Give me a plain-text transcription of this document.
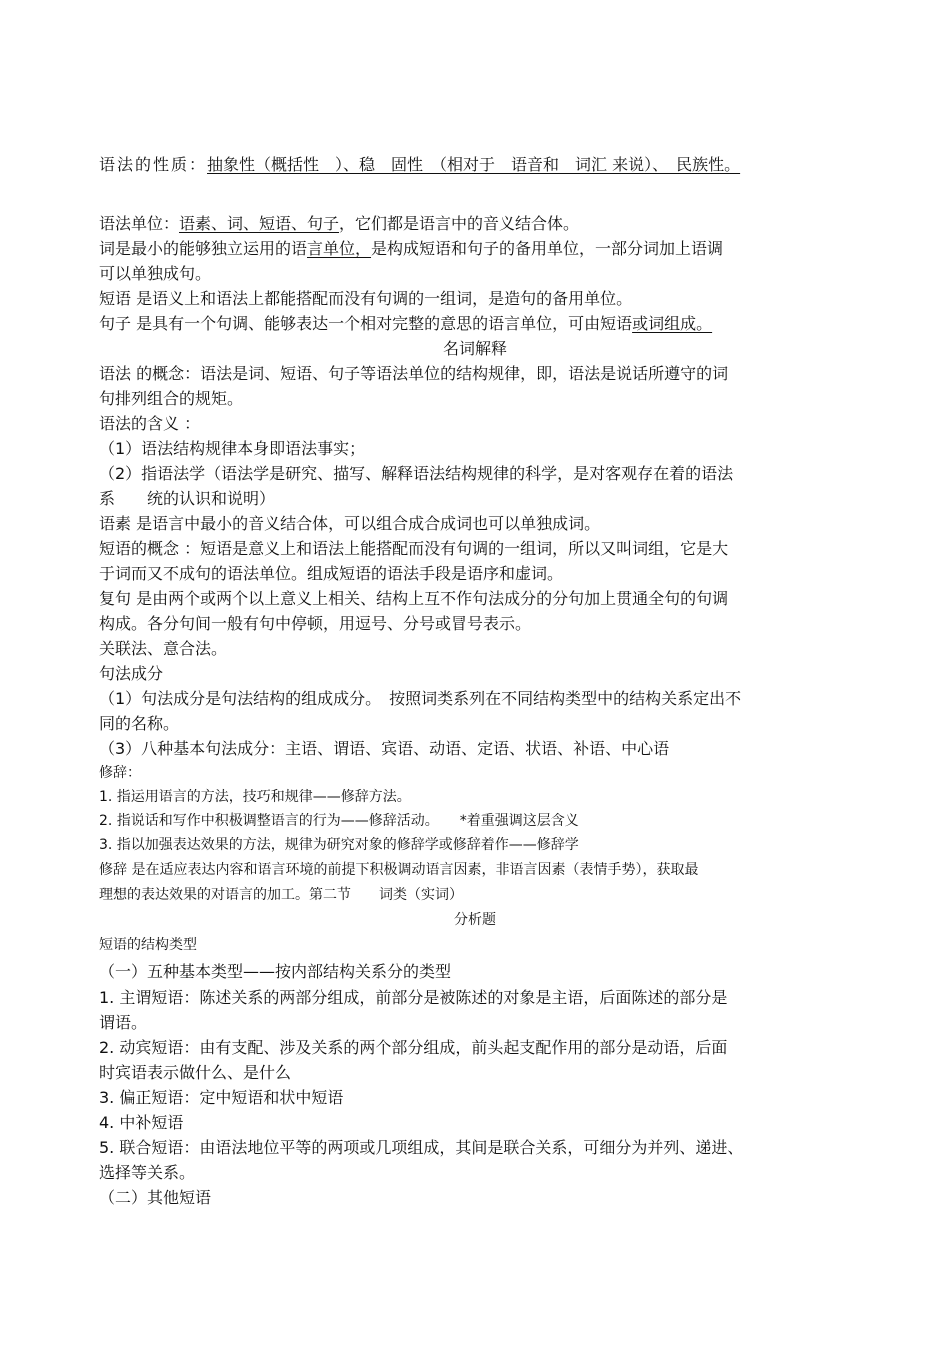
语法的性质：抽象性（概括性　）、稳　固性　（相对于　语音和　词汇 来说）、　民族性。
语法单位：语素、词、短语、句子，它们都是语言中的音义结合体。
词是最小的能够独立运用的语言单位，是构成短语和句子的备用单位，一部分词加上语调
可以单独成句。
短语 是语义上和语法上都能搭配而没有句调的一组词，是造句的备用单位。
句子 是具有一个句调、能够表达一个相对完整的意思的语言单位，可由短语或词组成。
名词解释
语法 的概念：语法是词、短语、句子等语法单位的结构规律，即，语法是说话所遵守的词
句排列组合的规矩。
语法的含义 ：
（1）语法结构规律本身即语法事实；
（2）指语法学（语法学是研究、描写、解释语法结构规律的科学，是对客观存在着的语法
系　　统的认识和说明）
语素 是语言中最小的音义结合体，可以组合成合成词也可以单独成词。
短语的概念 ：短语是意义上和语法上能搭配而没有句调的一组词，所以又叫词组，它是大
于词而又不成句的语法单位。组成短语的语法手段是语序和虚词。
复句 是由两个或两个以上意义上相关、结构上互不作句法成分的分句加上贯通全句的句调
构成。各分句间一般有句中停顿，用逗号、分号或冒号表示。
关联法、意合法。
句法成分
（1）句法成分是句法结构的组成成分。　按照词类系列在不同结构类型中的结构关系定出不
同的名称。
（3）八种基本句法成分：主语、谓语、宾语、动语、定语、状语、补语、中心语
修辞：
1. 指运用语言的方法，技巧和规律——修辞方法。
2. 指说话和写作中积极调整语言的行为——修辞活动。　　*着重强调这层含义
3. 指以加强表达效果的方法，规律为研究对象的修辞学或修辞着作——修辞学
修辞 是在适应表达内容和语言环境的前提下积极调动语言因素，非语言因素（表情手势），获取最
理想的表达效果的对语言的加工。第二节　　词类（实词）
分析题
短语的结构类型
（一）五种基本类型——按内部结构关系分的类型
1. 主谓短语：陈述关系的两部分组成，前部分是被陈述的对象是主语，后面陈述的部分是
谓语。
2. 动宾短语：由有支配、涉及关系的两个部分组成，前头起支配作用的部分是动语，后面
时宾语表示做什么、是什么
3. 偏正短语：定中短语和状中短语
4. 中补短语
5. 联合短语：由语法地位平等的两项或几项组成，其间是联合关系，可细分为并列、递进、
选择等关系。
（二）其他短语
